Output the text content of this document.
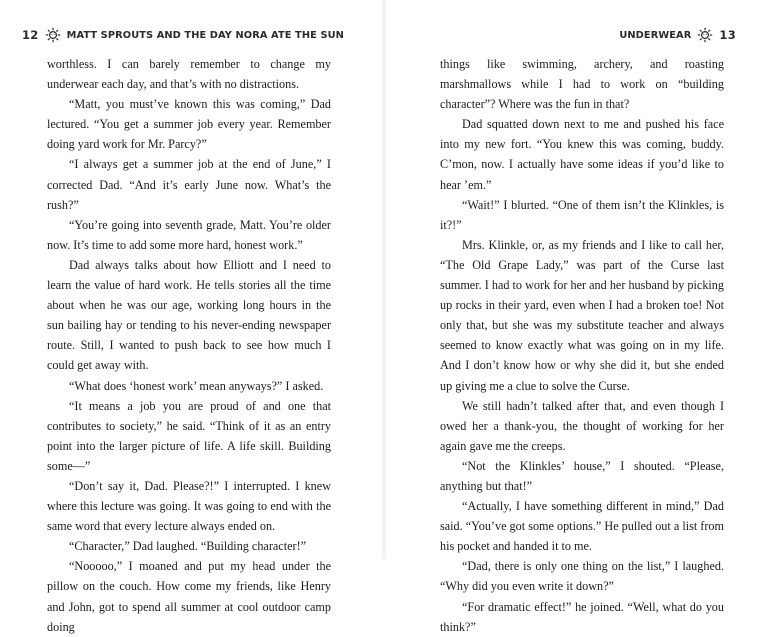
12	MATT SPROUTS AND THE DAY NORA ATE THE SUN

worthless. I can barely remember to change my underwear each day, and that’s with no distractions.

“Matt, you must’ve known this was coming,” Dad lectured. “You get a summer job every year. Remember doing yard work for Mr. Parcy?”

“I always get a summer job at the end of June,” I corrected Dad. “And it’s early June now. What’s the rush?”

“You’re going into seventh grade, Matt. You’re older now. It’s time to add some more hard, honest work.”

Dad always talks about how Elliott and I need to learn the value of hard work. He tells stories all the time about when he was our age, working long hours in the sun bailing hay or tending to his never-ending newspaper route. Still, I wanted to push back to see how much I could get away with.

“What does ‘honest work’ mean anyways?” I asked.

“It means a job you are proud of and one that contributes to society,” he said. “Think of it as an entry point into the larger picture of life. A life skill. Building some—”

“Don’t say it, Dad. Please?!” I interrupted. I knew where this lecture was going. It was going to end with the same word that every lecture always ended on.

“Character,” Dad laughed. “Building character!”

“Nooooo,” I moaned and put my head under the pillow on the couch. How come my friends, like Henry and John, got to spend all summer at cool outdoor camp doing

UNDERWEAR 13

things like swimming, archery, and roasting marshmallows while I had to work on “building character”? Where was the fun in that?

Dad squatted down next to me and pushed his face into my new fort. “You knew this was coming, buddy. C’mon, now. I actually have some ideas if you’d like to hear ’em.”

“Wait!” I blurted. “One of them isn’t the Klinkles, is it?!”

Mrs. Klinkle, or, as my friends and I like to call her, “The Old Grape Lady,” was part of the Curse last summer. I had to work for her and her husband by picking up rocks in their yard, even when I had a broken toe! Not only that, but she was my substitute teacher and always seemed to know exactly what was going on in my life. And I don’t know how or why she did it, but she ended up giving me a clue to solve the Curse.

We still hadn’t talked after that, and even though I owed her a thank-you, the thought of working for her again gave me the creeps.

“Not the Klinkles’ house,” I shouted. “Please, anything but that!”

“Actually, I have something different in mind,” Dad said. “You’ve got some options.” He pulled out a list from his pocket and handed it to me.

“Dad, there is only one thing on the list,” I laughed. “Why did you even write it down?”

“For dramatic effect!” he joined. “Well, what do you think?”
